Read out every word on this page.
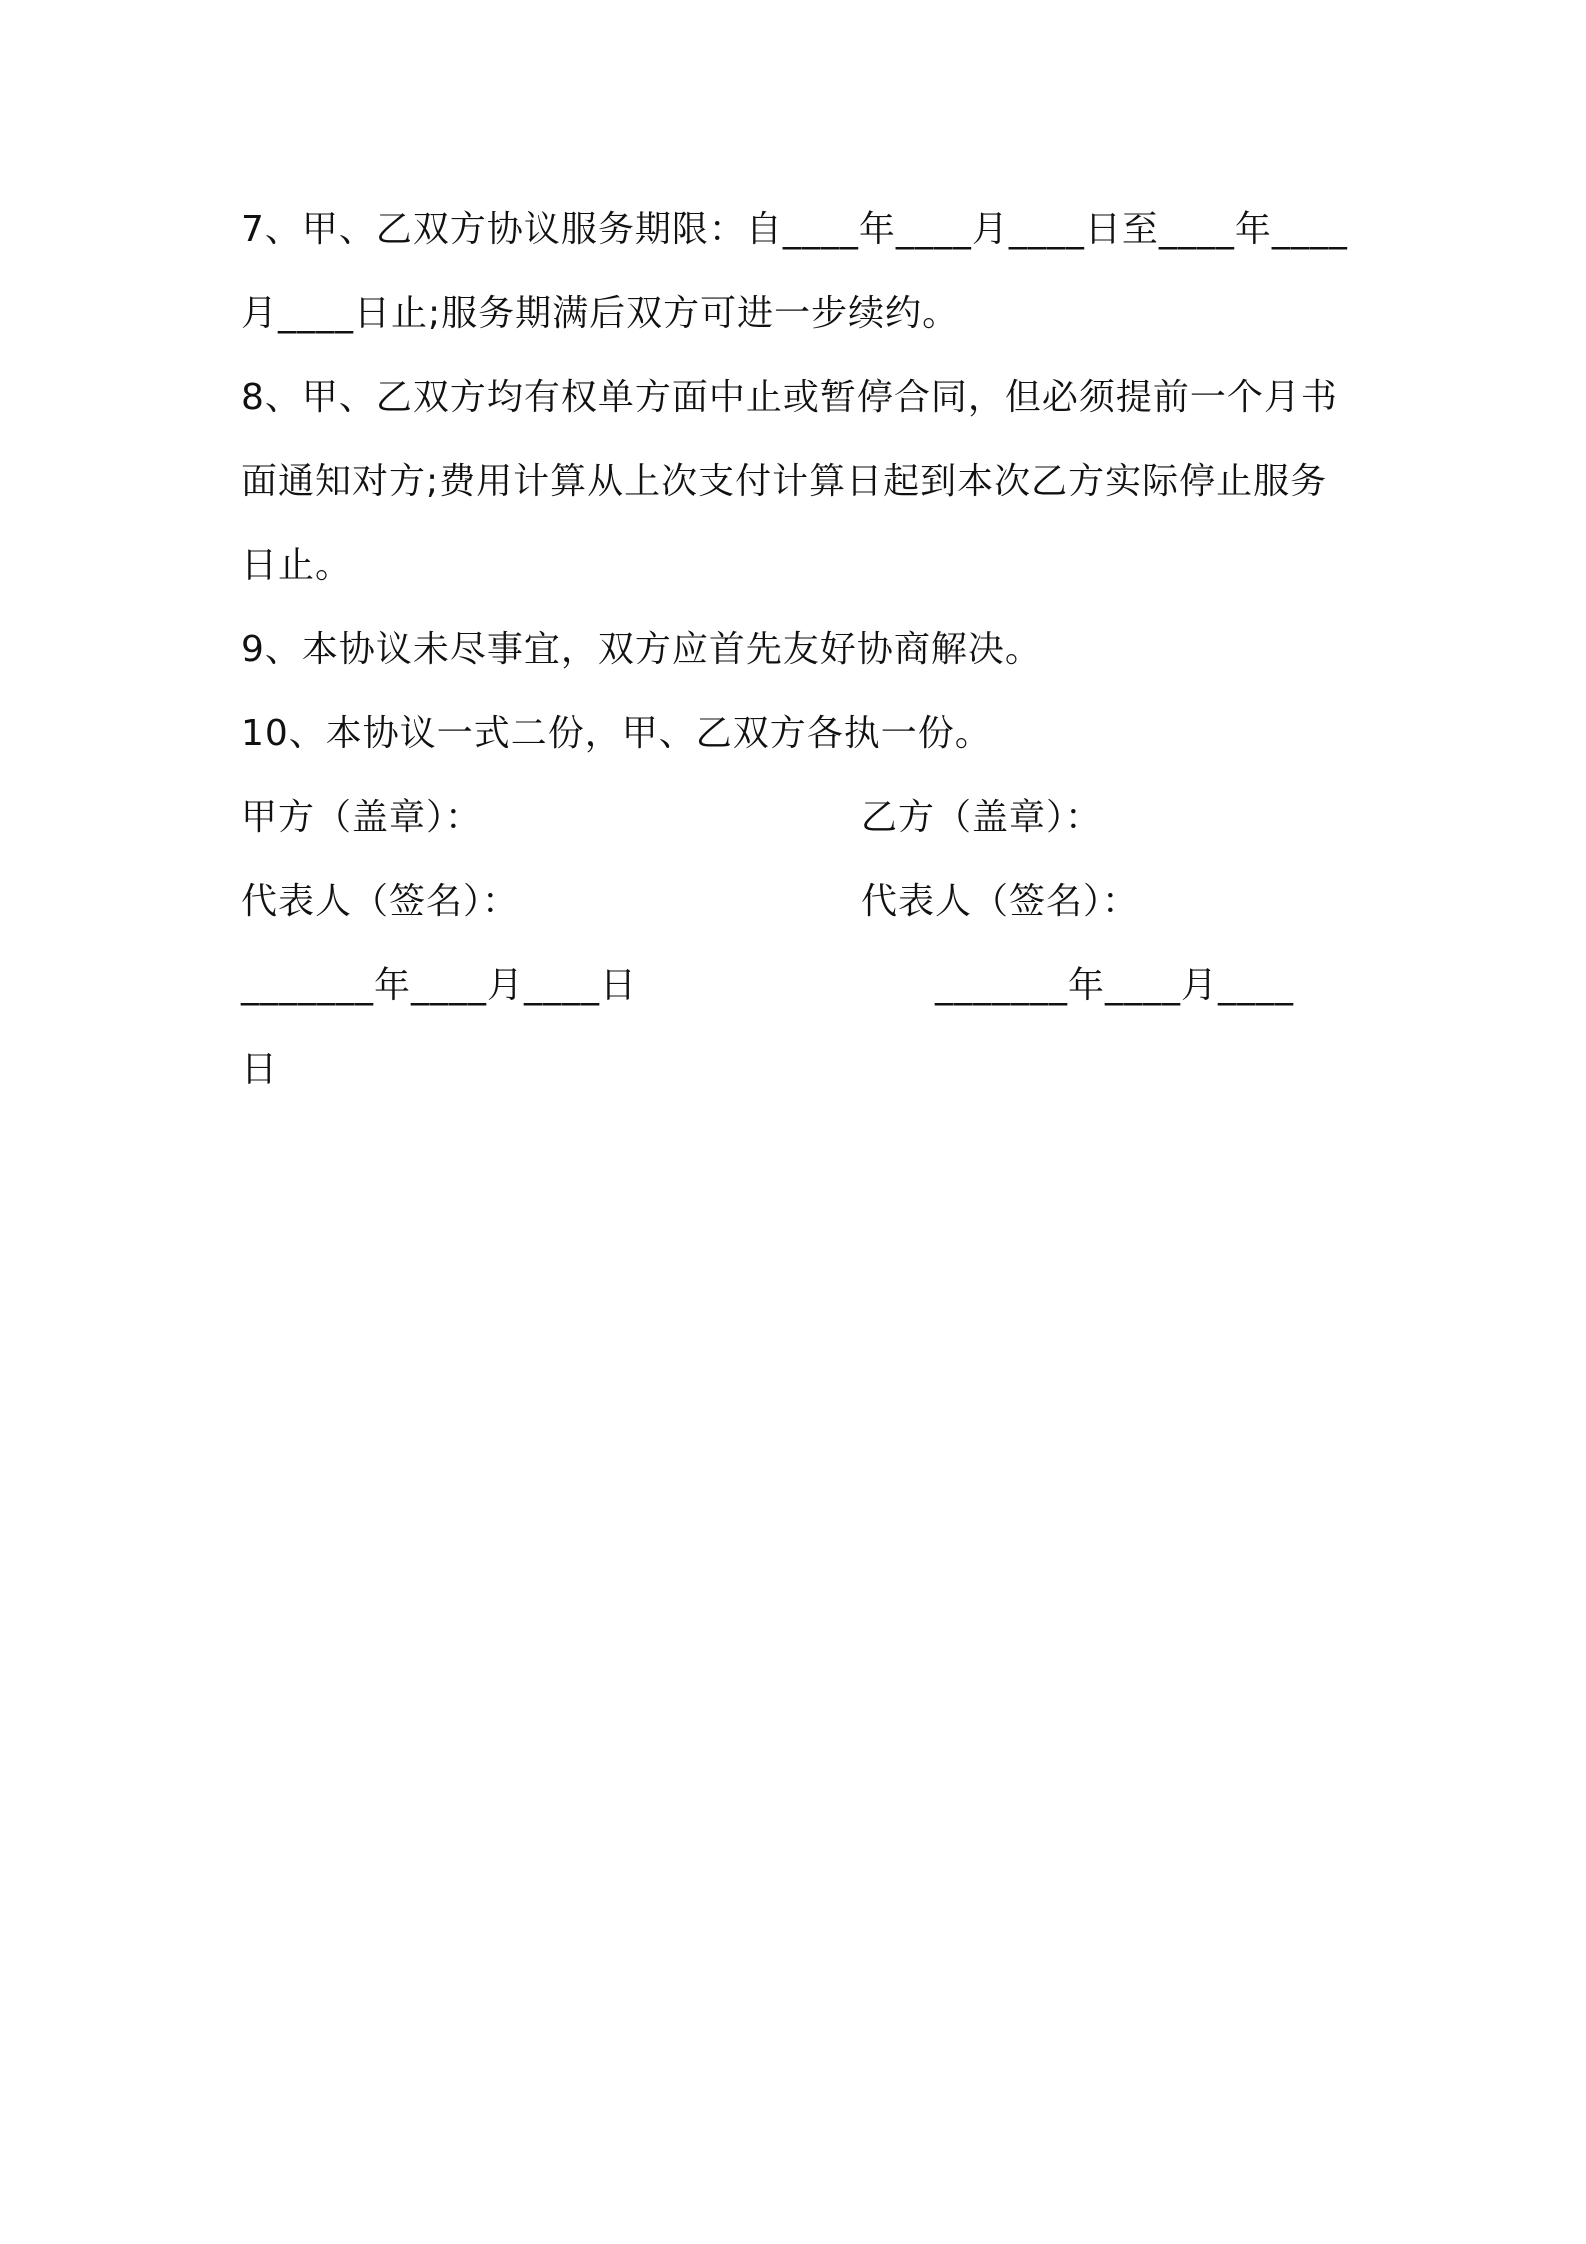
7、甲、乙双方协议服务期限：自____年____月____日至____年____
月____日止;服务期满后双方可进一步续约。
8、甲、乙双方均有权单方面中止或暂停合同，但必须提前一个月书
面通知对方;费用计算从上次支付计算日起到本次乙方实际停止服务
日止。
9、本协议未尽事宜，双方应首先友好协商解决。
10、本协议一式二份，甲、乙双方各执一份。
甲方（盖章）：	乙方（盖章）：
代表人（签名）：	代表人（签名）：
_______年____月____日	_______年____月____
日
